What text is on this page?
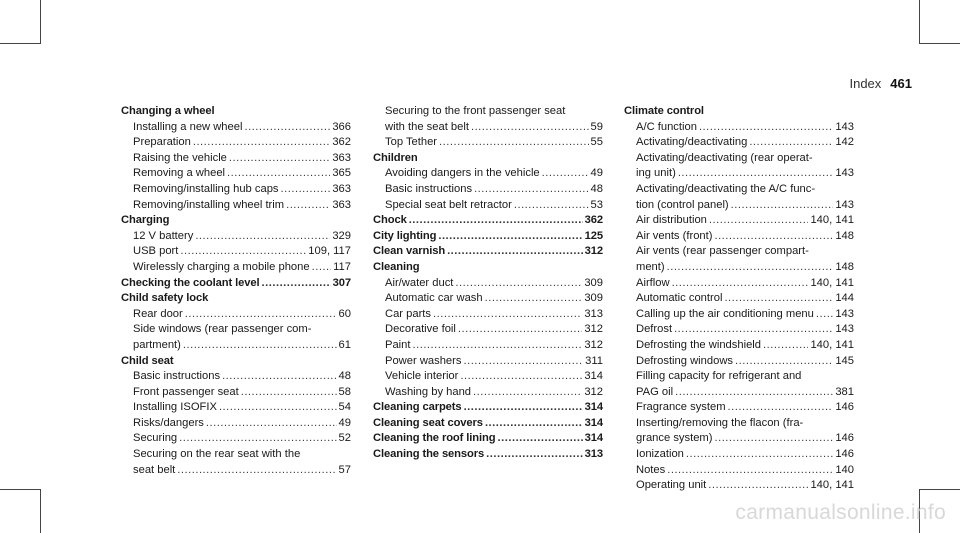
Index 461
Changing a wheel
Installing a new wheel .....	366
Preparation .....	362
Raising the vehicle .....	363
Removing a wheel .....	365
Removing/installing hub caps .....	363
Removing/installing wheel trim .....	363
Charging
12 V battery .....	329
USB port .....	109, 117
Wirelessly charging a mobile phone ..... 117
Checking the coolant level .....	307
Child safety lock
Rear door .....	60
Side windows (rear passenger com-
partment) .....	61
Child seat
Basic instructions .....	48
Front passenger seat .....	58
Installing ISOFIX .....	54
Risks/dangers .....	49
Securing .....	52
Securing on the rear seat with the
seat belt .....	57
Securing to the front passenger seat
with the seat belt .....	59
Top Tether .....	55
Children
Avoiding dangers in the vehicle .....	49
Basic instructions .....	48
Special seat belt retractor .....	53
Chock .....	362
City lighting .....	125
Clean varnish .....	312
Cleaning
Air/water duct .....	309
Automatic car wash .....	309
Car parts .....	313
Decorative foil .....	312
Paint .....	312
Power washers .....	311
Vehicle interior .....	314
Washing by hand .....	312
Cleaning carpets .....	314
Cleaning seat covers .....	314
Cleaning the roof lining .....	314
Cleaning the sensors .....	313
Climate control
A/C function .....	143
Activating/deactivating .....	142
Activating/deactivating (rear operat-
ing unit) .....	143
Activating/deactivating the A/C func-
tion (control panel) .....	143
Air distribution .....	140, 141
Air vents (front) .....	148
Air vents (rear passenger compart-
ment) .....	148
Airflow .....	140, 141
Automatic control .....	144
Calling up the air conditioning menu ..... 143
Defrost .....	143
Defrosting the windshield .....	140, 141
Defrosting windows .....	145
Filling capacity for refrigerant and
PAG oil .....	381
Fragrance system .....	146
Inserting/removing the flacon (fra-
grance system) .....	146
Ionization .....	146
Notes .....	140
Operating unit .....	140, 141
carmanualsonline.info
